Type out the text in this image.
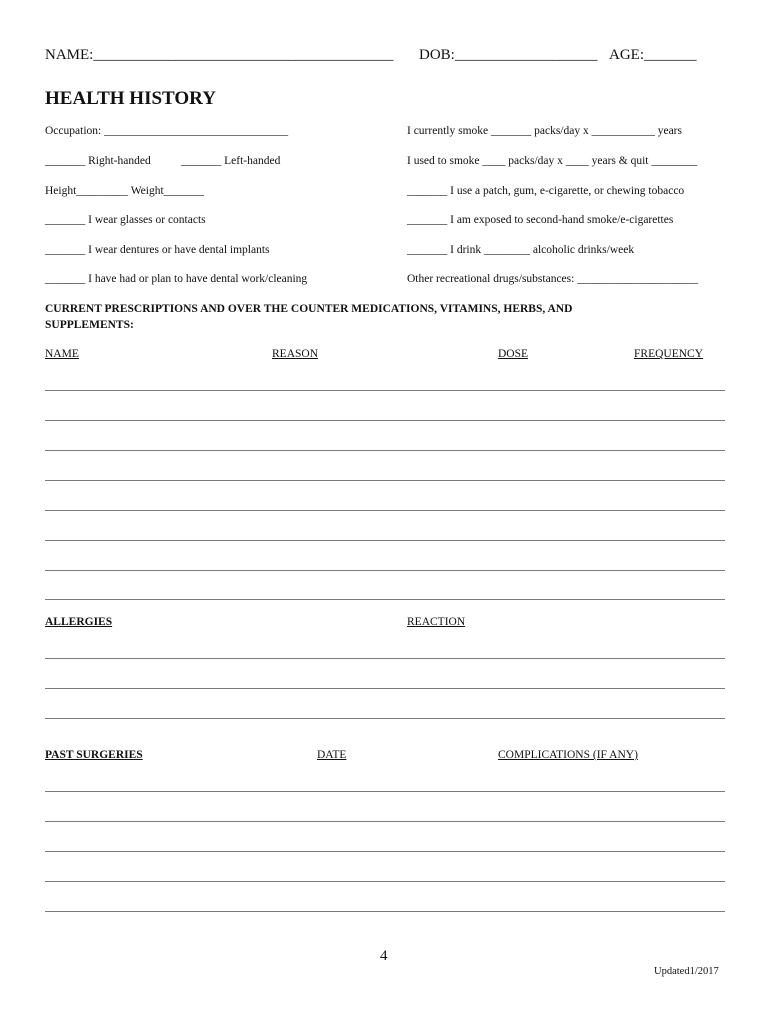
NAME:________________________________________ DOB:___________________ AGE:_______
HEALTH HISTORY
Occupation: ________________________________
_______ Right-handed	_______ Left-handed
Height_________ Weight_______
_______ I wear glasses or contacts
_______ I wear dentures or have dental implants
_______ I have had or plan to have dental work/cleaning
I currently smoke _______ packs/day x ___________ years
I used to smoke ____ packs/day x ____ years & quit ________
_______ I use a patch, gum, e-cigarette, or chewing tobacco
_______ I am exposed to second-hand smoke/e-cigarettes
_______ I drink ________ alcoholic drinks/week
Other recreational drugs/substances: _____________________
CURRENT PRESCRIPTIONS AND OVER THE COUNTER MEDICATIONS, VITAMINS, HERBS, AND
SUPPLEMENTS:
NAME	REASON	DOSE	FREQUENCY
ALLERGIES	REACTION
PAST SURGERIES	DATE	COMPLICATIONS (IF ANY)
4
Updated1/2017
